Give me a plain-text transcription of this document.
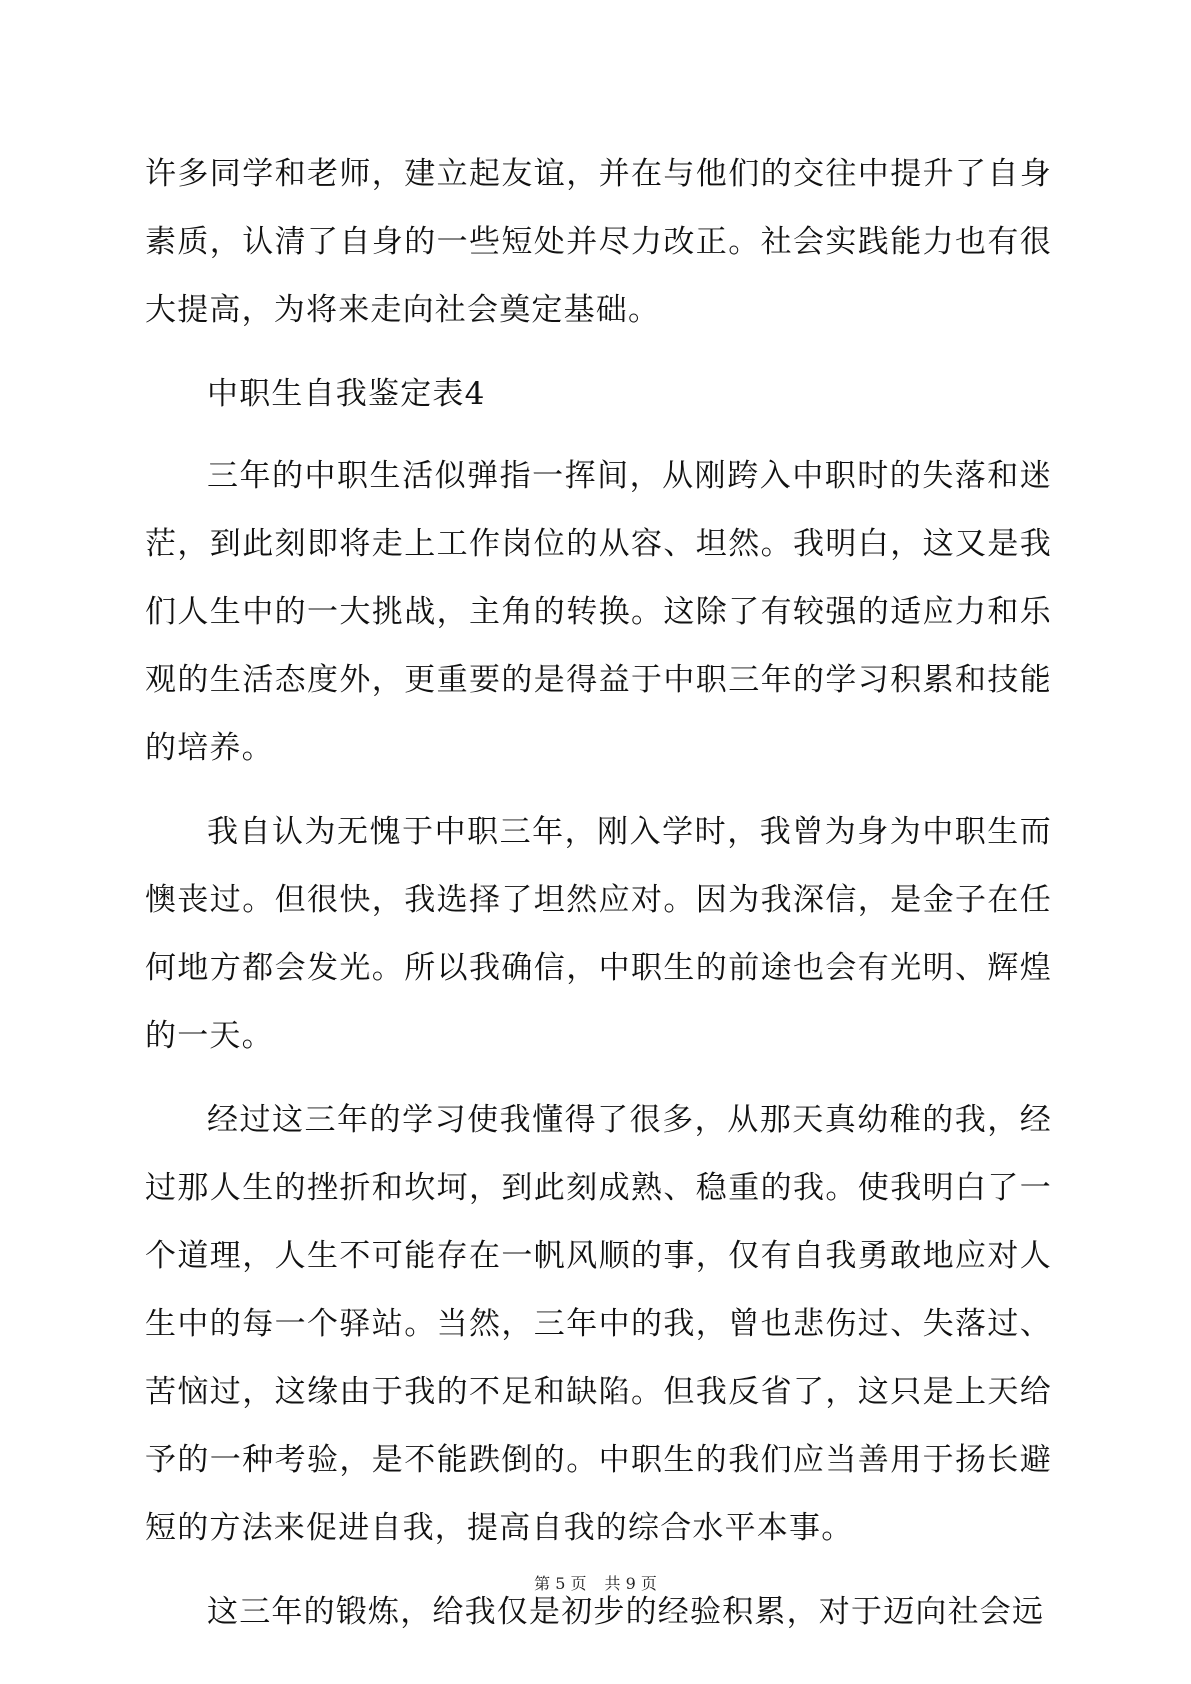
许多同学和老师，建立起友谊，并在与他们的交往中提升了自身素质，认清了自身的一些短处并尽力改正。社会实践能力也有很大提高，为将来走向社会奠定基础。

中职生自我鉴定表4

三年的中职生活似弹指一挥间，从刚跨入中职时的失落和迷茫，到此刻即将走上工作岗位的从容、坦然。我明白，这又是我们人生中的一大挑战，主角的转换。这除了有较强的适应力和乐观的生活态度外，更重要的是得益于中职三年的学习积累和技能的培养。

我自认为无愧于中职三年，刚入学时，我曾为身为中职生而懊丧过。但很快，我选择了坦然应对。因为我深信，是金子在任何地方都会发光。所以我确信，中职生的前途也会有光明、辉煌的一天。

经过这三年的学习使我懂得了很多，从那天真幼稚的我，经过那人生的挫折和坎坷，到此刻成熟、稳重的我。使我明白了一个道理，人生不可能存在一帆风顺的事，仅有自我勇敢地应对人生中的每一个驿站。当然，三年中的我，曾也悲伤过、失落过、苦恼过，这缘由于我的不足和缺陷。但我反省了，这只是上天给予的一种考验，是不能跌倒的。中职生的我们应当善用于扬长避短的方法来促进自我，提高自我的综合水平本事。

这三年的锻炼，给我仅是初步的经验积累，对于迈向社会远

第 5 页 共 9 页
